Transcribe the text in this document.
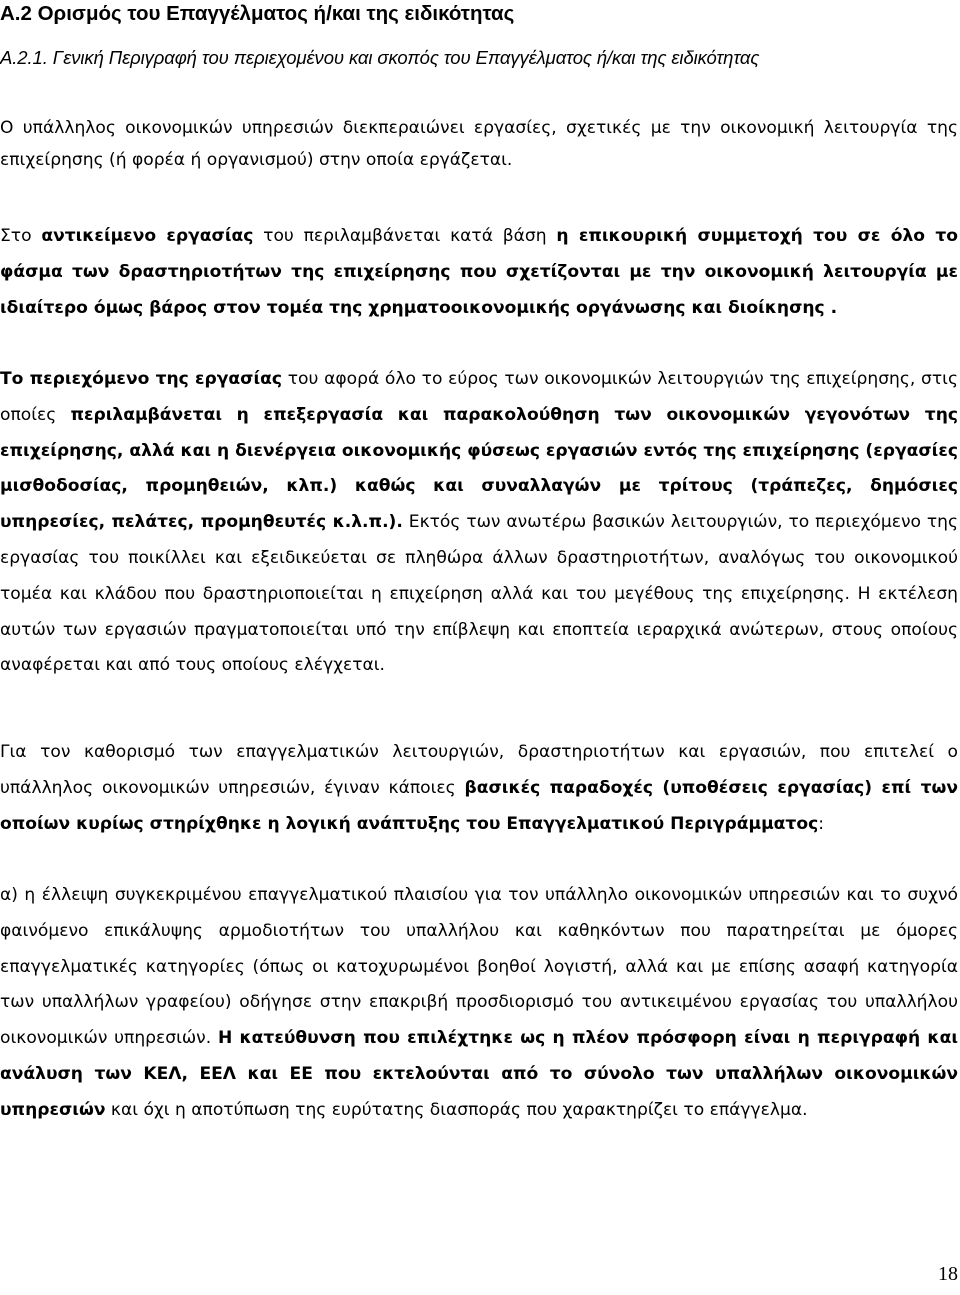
Α.2 Ορισμός του Επαγγέλματος ή/και της ειδικότητας
Α.2.1. Γενική Περιγραφή του περιεχομένου και σκοπός του Επαγγέλματος ή/και της ειδικότητας

Ο υπάλληλος οικονομικών υπηρεσιών διεκπεραιώνει εργασίες, σχετικές με την οικονομική λειτουργία της επιχείρησης (ή φορέα ή οργανισμού) στην οποία εργάζεται.

Στο αντικείμενο εργασίας του περιλαμβάνεται κατά βάση η επικουρική συμμετοχή του σε όλο το φάσμα των δραστηριοτήτων της επιχείρησης που σχετίζονται με την οικονομική λειτουργία με ιδιαίτερο όμως βάρος στον τομέα της χρηματοοικονομικής οργάνωσης και διοίκησης .

Το περιεχόμενο της εργασίας του αφορά όλο το εύρος των οικονομικών λειτουργιών της επιχείρησης, στις οποίες περιλαμβάνεται η επεξεργασία και παρακολούθηση των οικονομικών γεγονότων της επιχείρησης, αλλά και η διενέργεια οικονομικής φύσεως εργασιών εντός της επιχείρησης (εργασίες μισθοδοσίας, προμηθειών, κλπ.) καθώς και συναλλαγών με τρίτους (τράπεζες, δημόσιες υπηρεσίες, πελάτες, προμηθευτές κ.λ.π.). Εκτός των ανωτέρω βασικών λειτουργιών, το περιεχόμενο της εργασίας του ποικίλλει και εξειδικεύεται σε πληθώρα άλλων δραστηριοτήτων, αναλόγως του οικονομικού τομέα και κλάδου που δραστηριοποιείται η επιχείρηση αλλά και του μεγέθους της επιχείρησης. Η εκτέλεση αυτών των εργασιών πραγματοποιείται υπό την επίβλεψη και εποπτεία ιεραρχικά ανώτερων, στους οποίους αναφέρεται και από τους οποίους ελέγχεται.

Για τον καθορισμό των επαγγελματικών λειτουργιών, δραστηριοτήτων και εργασιών, που επιτελεί ο υπάλληλος οικονομικών υπηρεσιών, έγιναν κάποιες βασικές παραδοχές (υποθέσεις εργασίας) επί των οποίων κυρίως στηρίχθηκε η λογική ανάπτυξης του Επαγγελματικού Περιγράμματος:

α) η έλλειψη συγκεκριμένου επαγγελματικού πλαισίου για τον υπάλληλο οικονομικών υπηρεσιών και το συχνό φαινόμενο επικάλυψης αρμοδιοτήτων του υπαλλήλου και καθηκόντων που παρατηρείται με όμορες επαγγελματικές κατηγορίες (όπως οι κατοχυρωμένοι βοηθοί λογιστή, αλλά και με επίσης ασαφή κατηγορία των υπαλλήλων γραφείου) οδήγησε στην επακριβή προσδιορισμό του αντικειμένου εργασίας του υπαλλήλου οικονομικών υπηρεσιών. Η κατεύθυνση που επιλέχτηκε ως η πλέον πρόσφορη είναι η περιγραφή και ανάλυση των ΚΕΛ, ΕΕΛ και ΕΕ που εκτελούνται από το σύνολο των υπαλλήλων οικονομικών υπηρεσιών και όχι η αποτύπωση της ευρύτατης διασποράς που χαρακτηρίζει το επάγγελμα.

18
